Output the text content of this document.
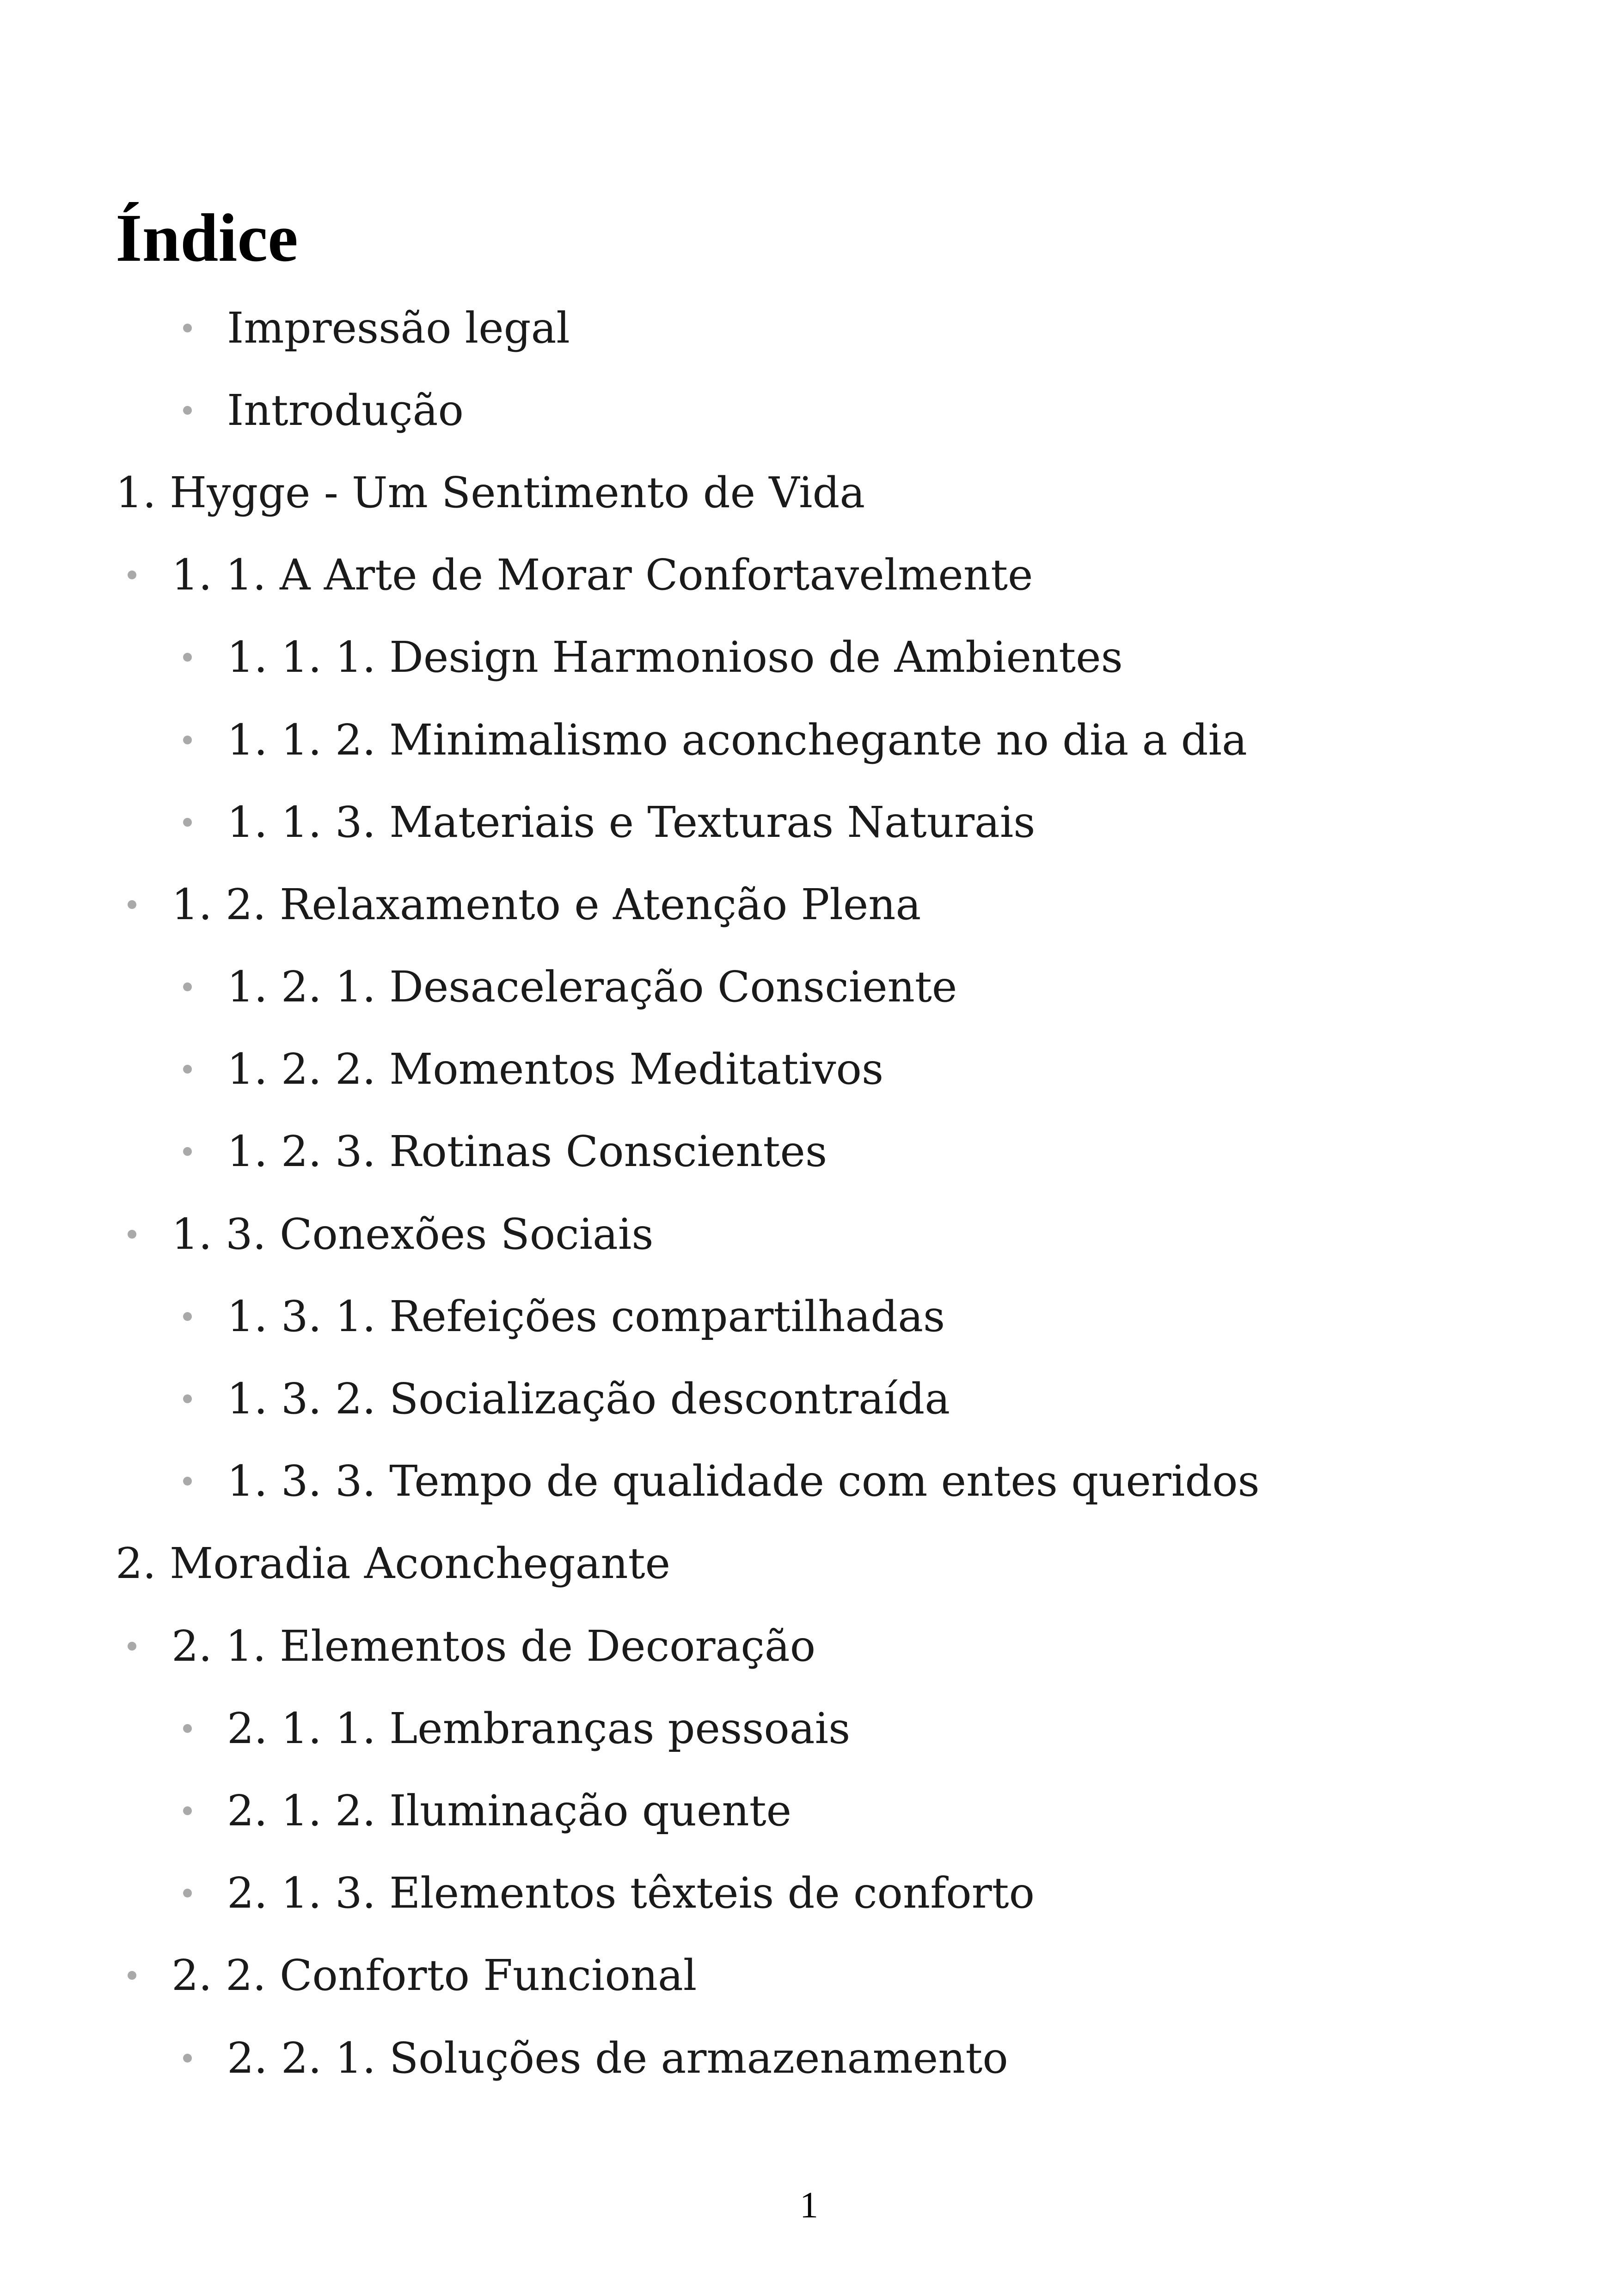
Índice
Impressão legal
Introdução
1. Hygge - Um Sentimento de Vida
1. 1. A Arte de Morar Confortavelmente
1. 1. 1. Design Harmonioso de Ambientes
1. 1. 2. Minimalismo aconchegante no dia a dia
1. 1. 3. Materiais e Texturas Naturais
1. 2. Relaxamento e Atenção Plena
1. 2. 1. Desaceleração Consciente
1. 2. 2. Momentos Meditativos
1. 2. 3. Rotinas Conscientes
1. 3. Conexões Sociais
1. 3. 1. Refeições compartilhadas
1. 3. 2. Socialização descontraída
1. 3. 3. Tempo de qualidade com entes queridos
2. Moradia Aconchegante
2. 1. Elementos de Decoração
2. 1. 1. Lembranças pessoais
2. 1. 2. Iluminação quente
2. 1. 3. Elementos têxteis de conforto
2. 2. Conforto Funcional
2. 2. 1. Soluções de armazenamento
1
